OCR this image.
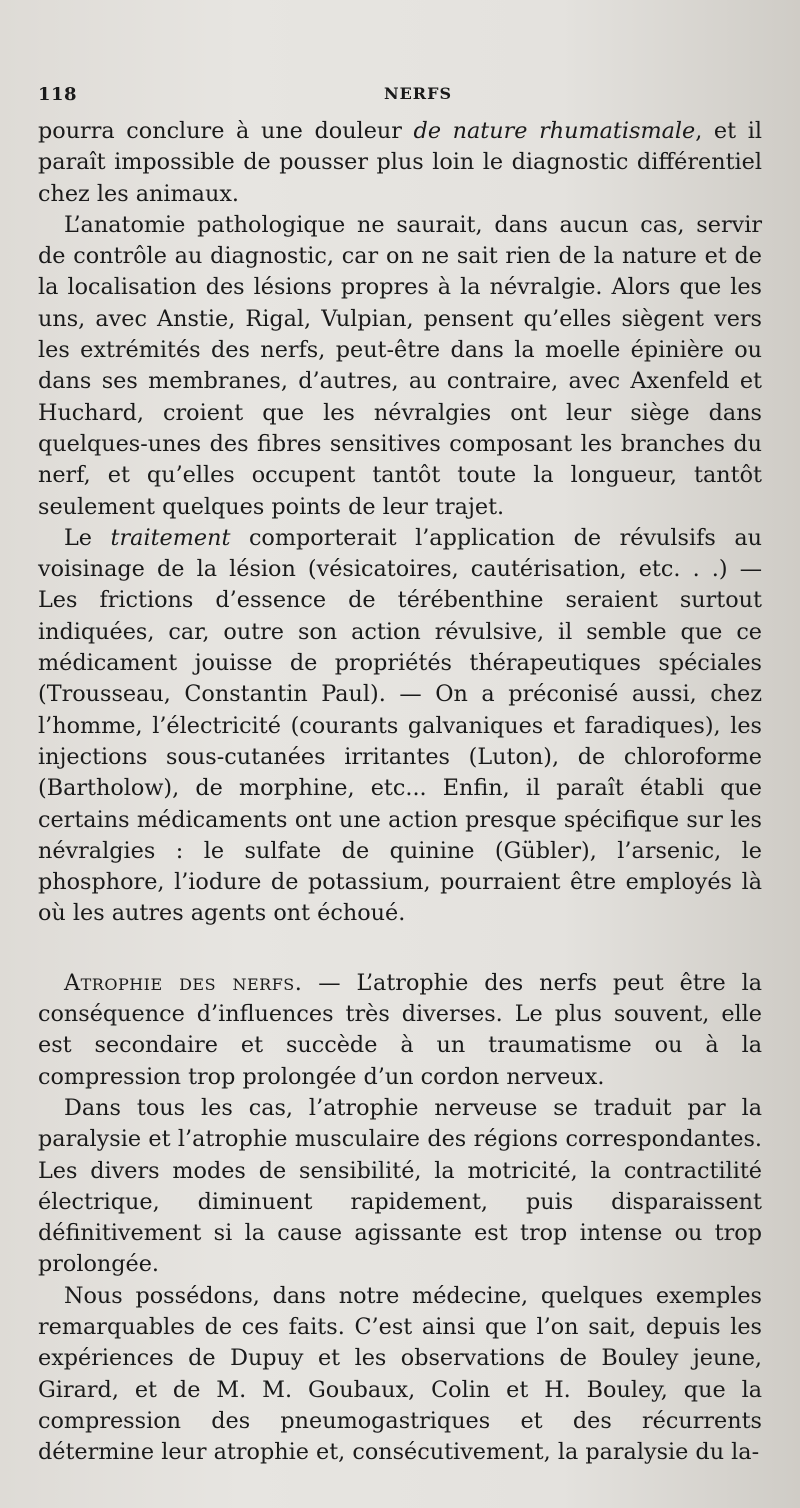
118	NERFS

pourra conclure à une douleur de nature rhumatismale, et il paraît impossible de pousser plus loin le diagnostic différentiel chez les animaux.

L’anatomie pathologique ne saurait, dans aucun cas, servir de contrôle au diagnostic, car on ne sait rien de la nature et de la localisation des lésions propres à la névralgie. Alors que les uns, avec Anstie, Rigal, Vulpian, pensent qu’elles siègent vers les extrémités des nerfs, peut-être dans la moelle épinière ou dans ses membranes, d’autres, au contraire, avec Axenfeld et Huchard, croient que les névralgies ont leur siège dans quelques-unes des fibres sensitives composant les branches du nerf, et qu’elles occupent tantôt toute la longueur, tantôt seulement quelques points de leur trajet.

Le traitement comporterait l’application de révulsifs au voisinage de la lésion (vésicatoires, cautérisation, etc. . .) — Les frictions d’essence de térébenthine seraient surtout indiquées, car, outre son action révulsive, il semble que ce médicament jouisse de propriétés thérapeutiques spéciales (Trousseau, Constantin Paul). — On a préconisé aussi, chez l’homme, l’électricité (courants galvaniques et faradiques), les injections sous-cutanées irritantes (Luton), de chloroforme (Bartholow), de morphine, etc... Enfin, il paraît établi que certains médicaments ont une action presque spécifique sur les névralgies : le sulfate de quinine (Gübler), l’arsenic, le phosphore, l’iodure de potassium, pourraient être employés là où les autres agents ont échoué.

Atrophie des nerfs. — L’atrophie des nerfs peut être la conséquence d’influences très diverses. Le plus souvent, elle est secondaire et succède à un traumatisme ou à la compression trop prolongée d’un cordon nerveux.

Dans tous les cas, l’atrophie nerveuse se traduit par la paralysie et l’atrophie musculaire des régions correspondantes. Les divers modes de sensibilité, la motricité, la contractilité électrique, diminuent rapidement, puis disparaissent définitivement si la cause agissante est trop intense ou trop prolongée.

Nous possédons, dans notre médecine, quelques exemples remarquables de ces faits. C’est ainsi que l’on sait, depuis les expériences de Dupuy et les observations de Bouley jeune, Girard, et de M. M. Goubaux, Colin et H. Bouley, que la compression des pneumogastriques et des récurrents détermine leur atrophie et, consécutivement, la paralysie du la-
